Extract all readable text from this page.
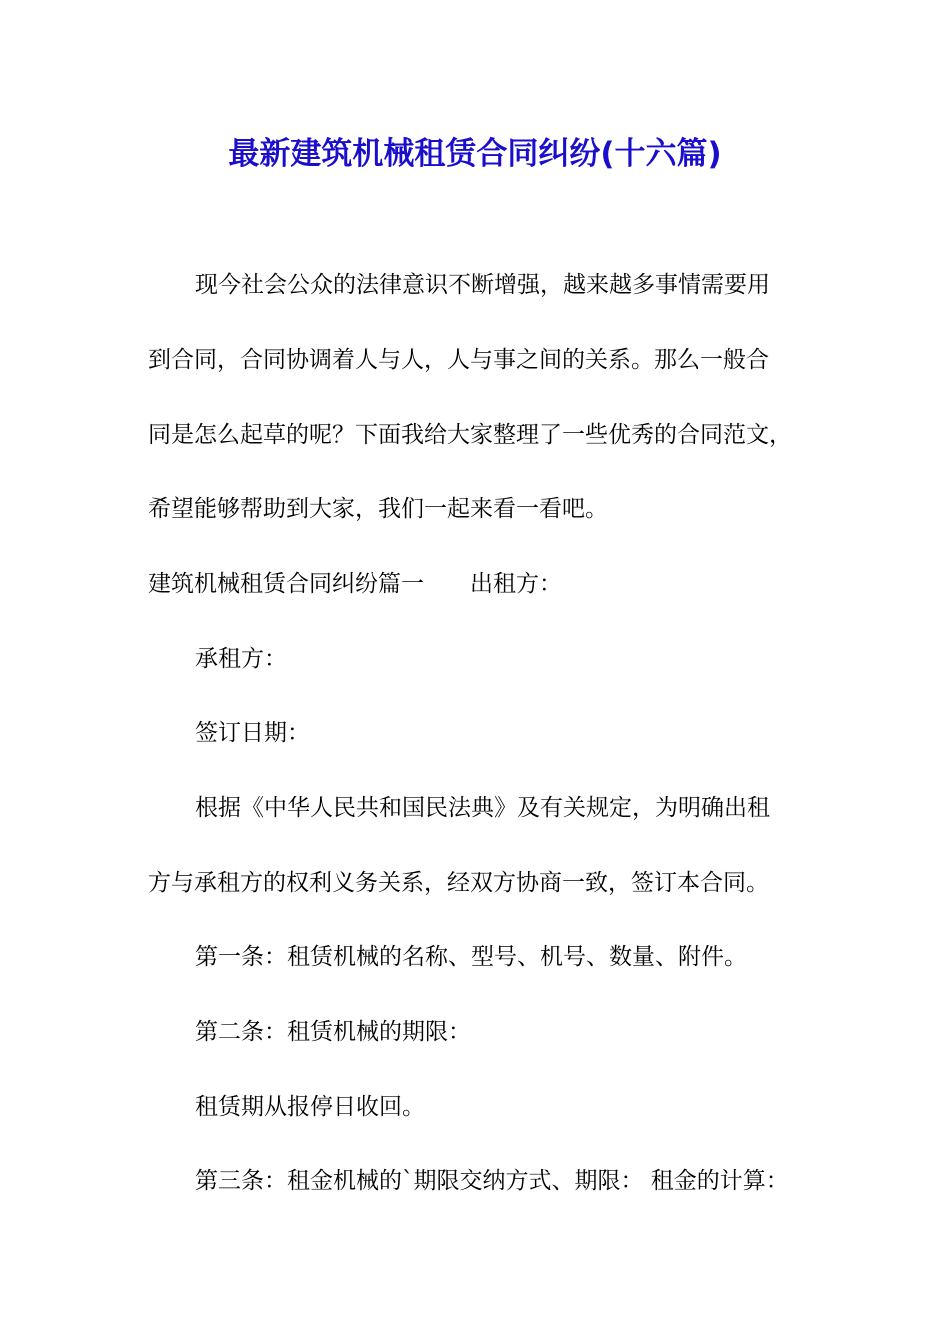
最新建筑机械租赁合同纠纷(十六篇)
现今社会公众的法律意识不断增强，越来越多事情需要用
到合同，合同协调着人与人，人与事之间的关系。那么一般合
同是怎么起草的呢？下面我给大家整理了一些优秀的合同范文，
希望能够帮助到大家，我们一起来看一看吧。
建筑机械租赁合同纠纷篇一　　出租方：
承租方：
签订日期：
根据《中华人民共和国民法典》及有关规定，为明确出租
方与承租方的权利义务关系，经双方协商一致，签订本合同。
第一条：租赁机械的名称、型号、机号、数量、附件。
第二条：租赁机械的期限：
租赁期从报停日收回。
第三条：租金机械的`期限交纳方式、期限： 租金的计算：
